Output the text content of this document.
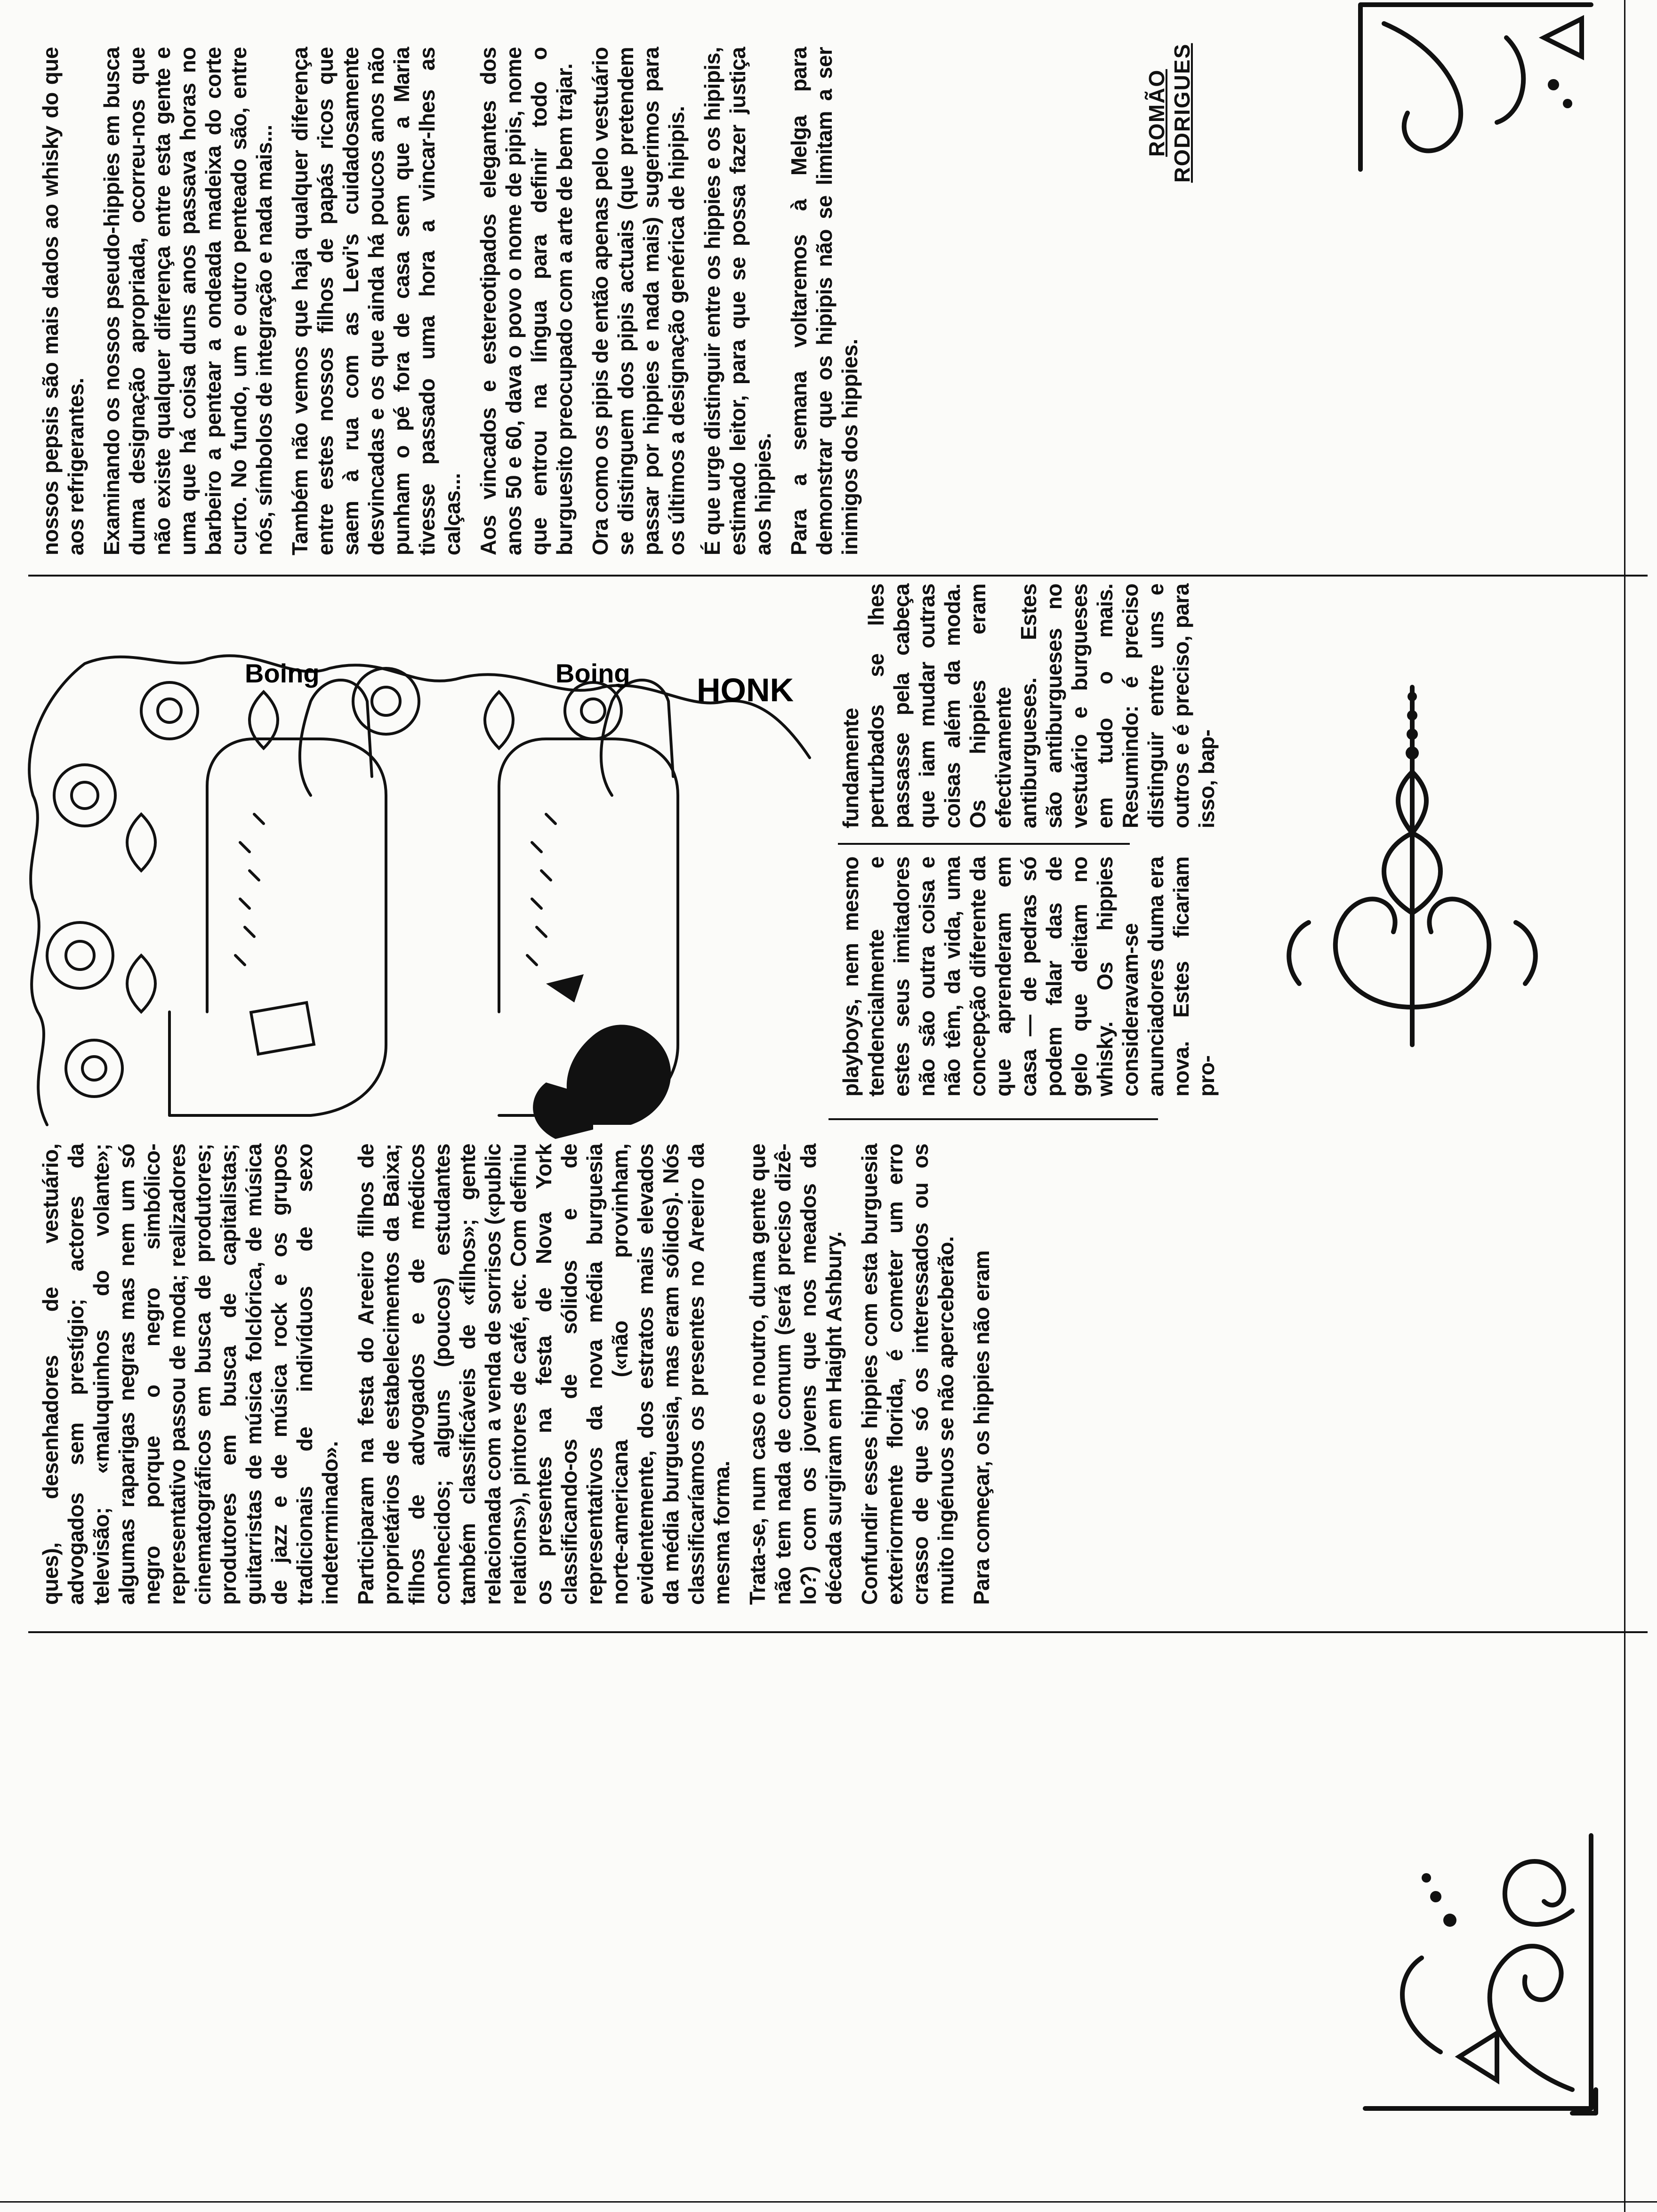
ques), desenhadores de vestuário, advogados sem prestígio; actores da televisão; «maluquinhos do volante»; algumas raparigas negras mas nem um só negro porque o negro simbólico-representativo passou de moda; realizadores cinematográficos em busca de produtores; produtores em busca de capitalistas; guitarristas de música folclórica, de música de jazz e de música rock e os grupos tradicionais de indivíduos de sexo indeterminado». Participaram na festa do Areeiro filhos de proprietários de estabelecimentos da Baixa; filhos de advogados e de médicos conhecidos; alguns (poucos) estudantes também classificáveis de «filhos»; gente relacionada com a venda de sorrisos («public relations»), pintores de café, etc. Com definiu os presentes na festa de Nova York classificando-os de sólidos e de representativos da nova média burguesia norte-americana («não provinham, evidentemente, dos estratos mais elevados da média burguesia, mas eram sólidos). Nós classificaríamos os presentes no Areeiro da mesma forma. Trata-se, num caso e noutro, duma gente que não tem nada de comum (será preciso dizê-lo?) com os jovens que nos meados da década surgiram em Haight Ashbury. Confundir esses hippies com esta burguesia exteriormente florida, é cometer um erro crasso de que só os interessados ou os muito ingénuos se não aperceberão. Para começar, os hippies não eram

playboys, nem mesmo tendencialmente e estes seus imitadores não são outra coisa e não têm, da vida, uma concepção diferente da que aprenderam em casa — de pedras só podem falar das de gelo que deitam no whisky. Os hippies consideravam-se anunciadores duma era nova. Estes ficariam pro-

fundamente perturbados se lhes passasse pela cabeça que iam mudar outras coisas além da moda. Os hippies eram efectivamente antiburgueses. Estes são antiburgueses no vestuário e burgueses em tudo o mais. Resumindo: é preciso distinguir entre uns e outros e é preciso, para isso, bap-

nossos pepsis são mais dados ao whisky do que aos refrigerantes. Examinando os nossos pseudo-hippies em busca duma designação apropriada, ocorreu-nos que não existe qualquer diferença entre esta gente e uma que há coisa duns anos passava horas no barbeiro a pentear a ondeada madeixa do corte curto. No fundo, um e outro penteado são, entre nós, símbolos de integração e nada mais... Também não vemos que haja qualquer diferença entre estes nossos filhos de papás ricos que saem à rua com as Levi's cuidadosamente desvincadas e os que ainda há poucos anos não punham o pé fora de casa sem que a Maria tivesse passado uma hora a vincar-lhes as calças... Aos vincados e estereotipados elegantes dos anos 50 e 60, dava o povo o nome de pipis, nome que entrou na língua para definir todo o burguesito preocupado com a arte de bem trajar. Ora como os pipis de então apenas pelo vestuário se distinguem dos pipis actuais (que pretendem passar por hippies e nada mais) sugerimos para os últimos a designação genérica de hipipis. É que urge distinguir entre os hippies e os hipipis, estimado leitor, para que se possa fazer justiça aos hippies. Para a semana voltaremos à Melga para demonstrar que os hipipis não se limitam a ser inimigos dos hippies.

ROMÃO RODRIGUES
HONK
Boing	Boing
